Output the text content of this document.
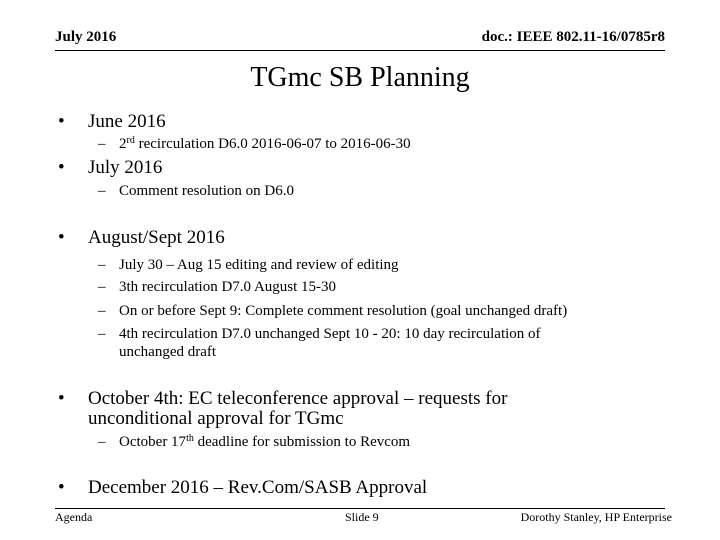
July 2016	doc.: IEEE 802.11-16/0785r8
TGmc SB Planning
• June 2016
– 2rd recirculation D6.0 2016-06-07 to 2016-06-30
• July 2016
– Comment resolution on D6.0
• August/Sept 2016
– July 30 – Aug 15 editing and review of editing
– 3th recirculation D7.0 August 15-30
– On or before Sept 9: Complete comment resolution (goal unchanged draft)
– 4th recirculation D7.0 unchanged Sept 10 - 20: 10 day recirculation of
unchanged draft
• October 4th: EC teleconference approval – requests for
unconditional approval for TGmc
– October 17th deadline for submission to Revcom
• December 2016 – Rev.Com/SASB Approval
Agenda	Slide 9	Dorothy Stanley, HP Enterprise
